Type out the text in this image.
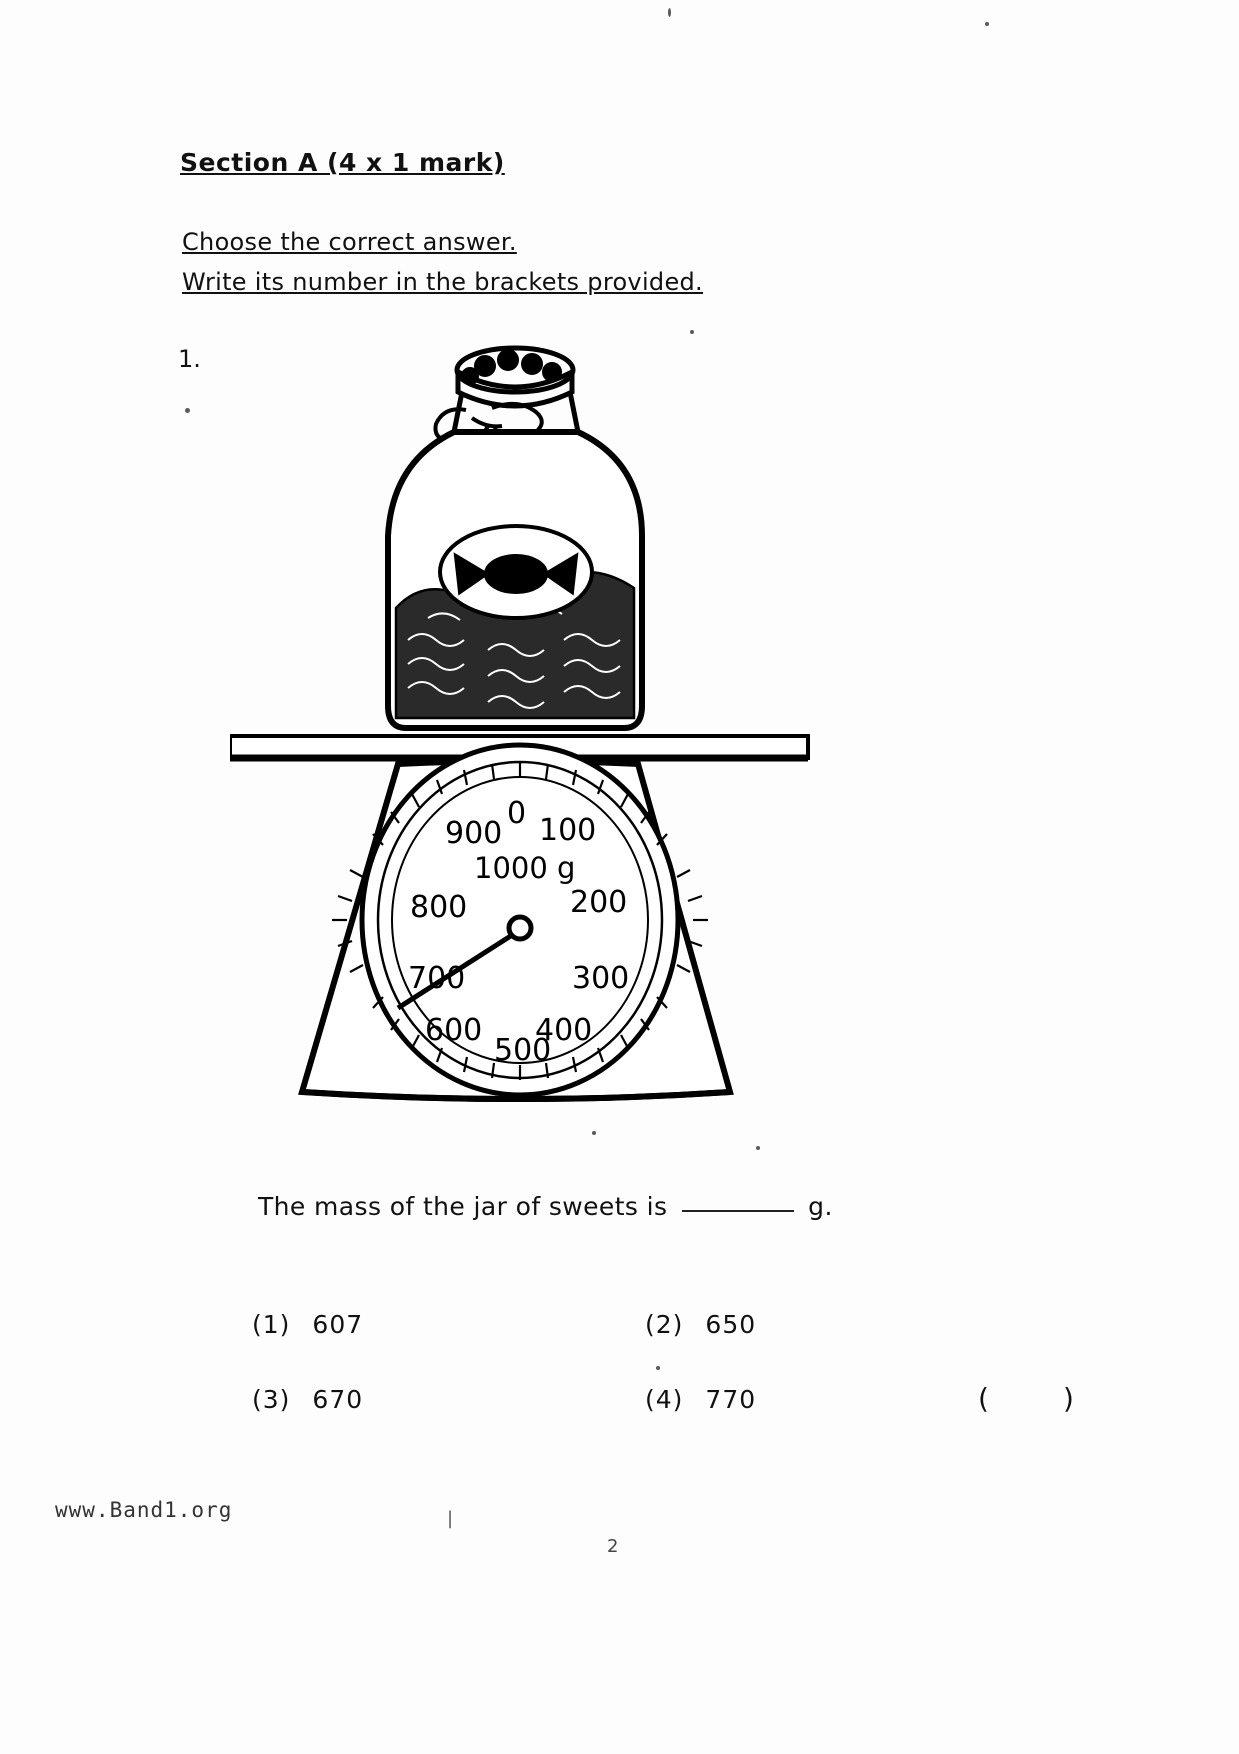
Section A (4 x 1 mark)
Choose the correct answer.
Write its number in the brackets provided.
1.
0 100
200
300
400
500
600
700
800
900
1000 g
The mass of the jar of sweets is	g.
(1) 607	(2) 650
(3) 670	(4) 770	(	)
www.Band1.org	|
2
